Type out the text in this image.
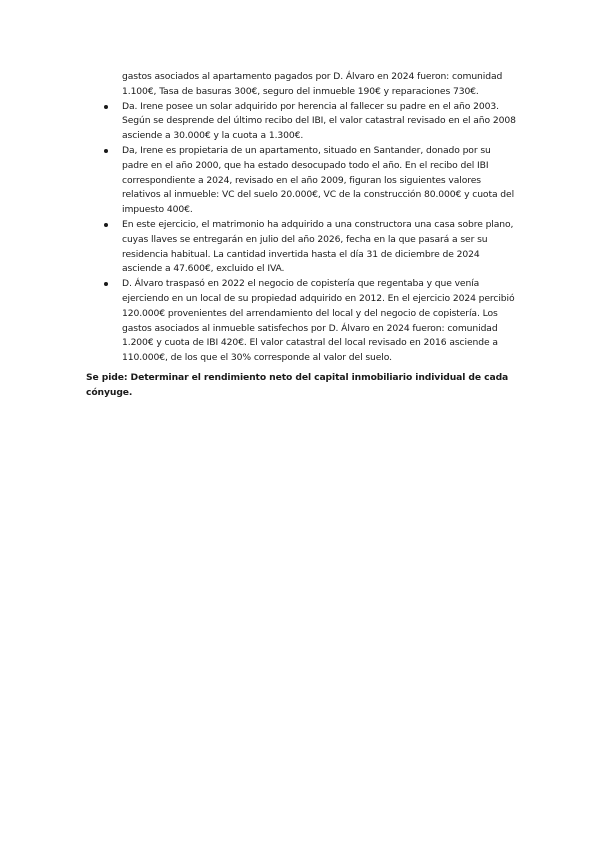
gastos asociados al apartamento pagados por D. Álvaro en 2024 fueron: comunidad 1.100€, Tasa de basuras 300€, seguro del inmueble 190€ y reparaciones 730€.
Da. Irene posee un solar adquirido por herencia al fallecer su padre en el año 2003. Según se desprende del último recibo del IBI, el valor catastral revisado en el año 2008 asciende a 30.000€ y la cuota a 1.300€.
Da, Irene es propietaria de un apartamento, situado en Santander, donado por su padre en el año 2000, que ha estado desocupado todo el año. En el recibo del IBI correspondiente a 2024, revisado en el año 2009, figuran los siguientes valores relativos al inmueble: VC del suelo 20.000€, VC de la construcción 80.000€ y cuota del impuesto 400€.
En este ejercicio, el matrimonio ha adquirido a una constructora una casa sobre plano, cuyas llaves se entregarán en julio del año 2026, fecha en la que pasará a ser su residencia habitual. La cantidad invertida hasta el día 31 de diciembre de 2024 asciende a 47.600€, excluido el IVA.
D. Álvaro traspasó en 2022 el negocio de copistería que regentaba y que venía ejerciendo en un local de su propiedad adquirido en 2012. En el ejercicio 2024 percibió 120.000€ provenientes del arrendamiento del local y del negocio de copistería. Los gastos asociados al inmueble satisfechos por D. Álvaro en 2024 fueron: comunidad 1.200€ y cuota de IBI 420€. El valor catastral del local revisado en 2016 asciende a 110.000€, de los que el 30% corresponde al valor del suelo.
Se pide: Determinar el rendimiento neto del capital inmobiliario individual de cada cónyuge.
